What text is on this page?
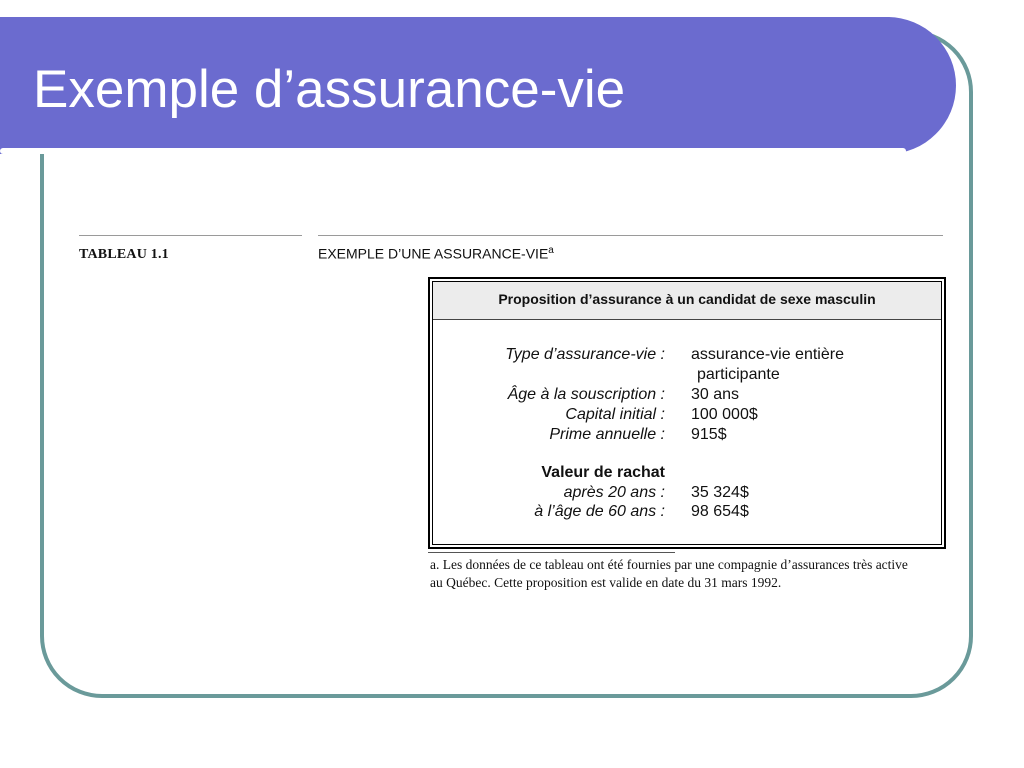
Exemple d’assurance-vie
TABLEAU 1.1	EXEMPLE D’UNE ASSURANCE-VIE$^a$
Proposition d’assurance à un candidat de sexe masculin
Type d’assurance-vie : assurance-vie entière
participante
Âge à la souscription : 30 ans
Capital initial : 100 000$
Prime annuelle : 915$
Valeur de rachat
après 20 ans : 35 324$
à l’âge de 60 ans : 98 654$
a. Les données de ce tableau ont été fournies par une compagnie d’assurances très active au Québec. Cette proposition est valide en date du 31 mars 1992.
